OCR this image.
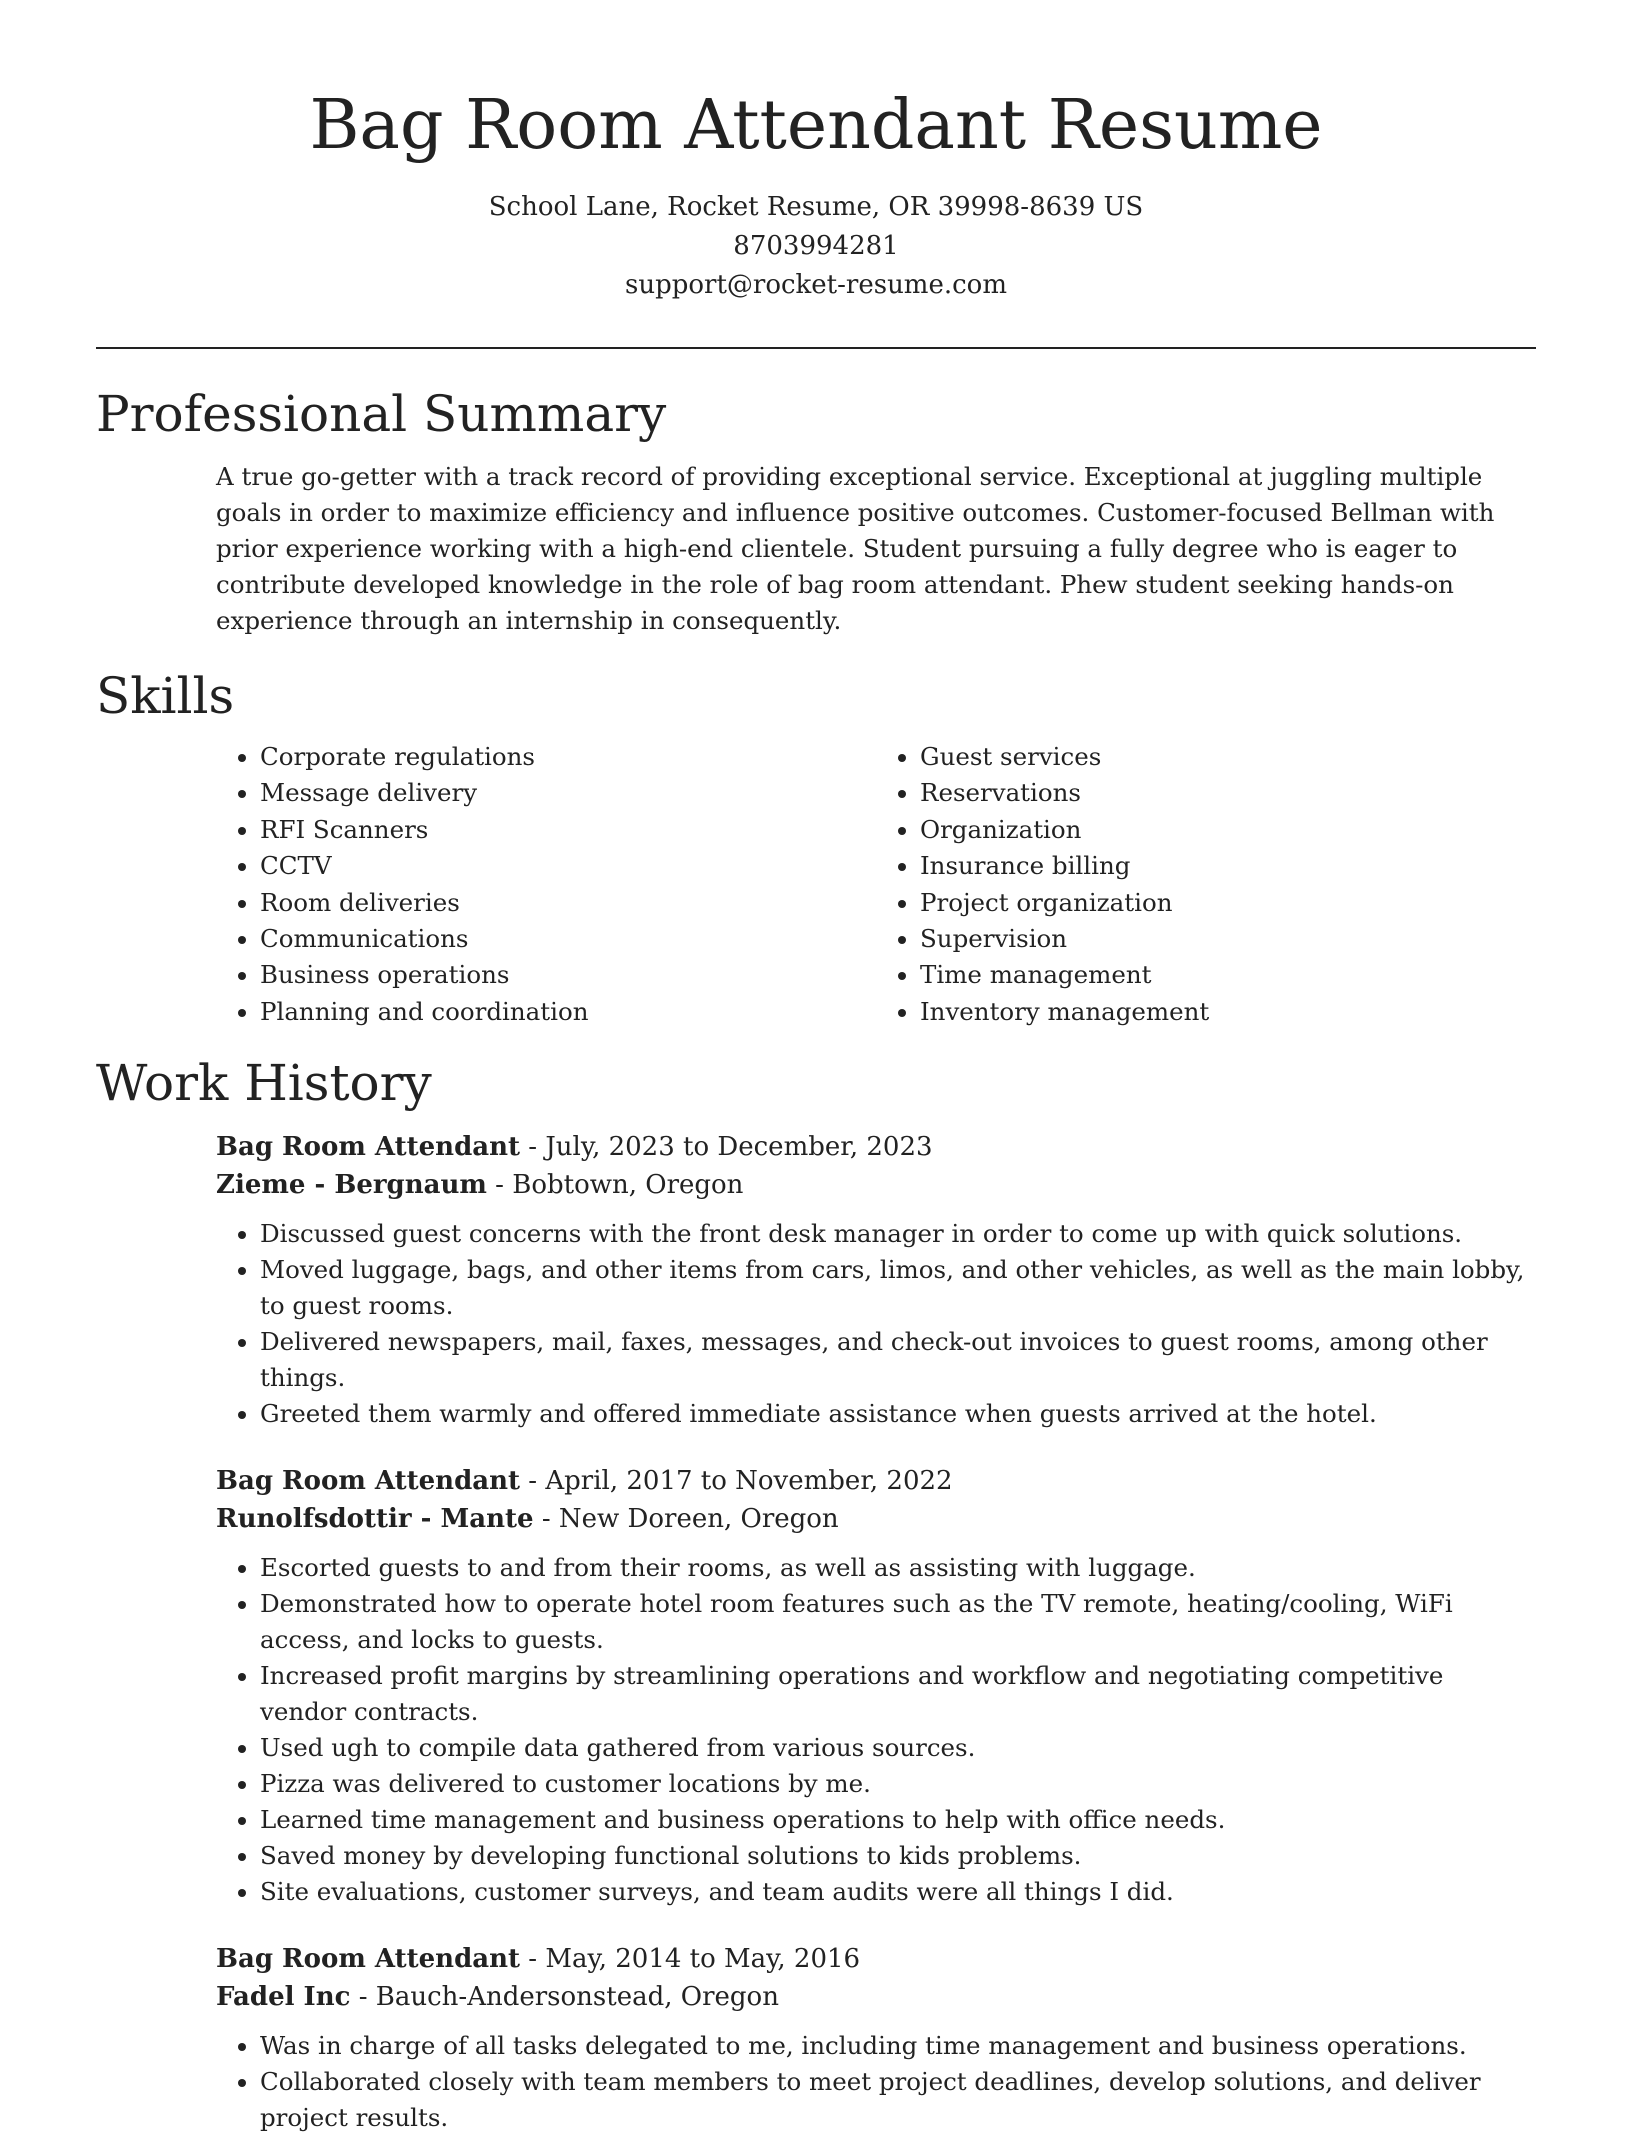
Bag Room Attendant Resume
School Lane, Rocket Resume, OR 39998-8639 US
8703994281
support@rocket-resume.com
Professional Summary

A true go-getter with a track record of providing exceptional service. Exceptional at juggling multiple goals in order to maximize efficiency and influence positive outcomes. Customer-focused Bellman with prior experience working with a high-end clientele. Student pursuing a fully degree who is eager to contribute developed knowledge in the role of bag room attendant. Phew student seeking hands-on experience through an internship in consequently.

Skills
• Corporate regulations
• Message delivery
• RFI Scanners
• CCTV
• Room deliveries
• Communications
• Business operations
• Planning and coordination
• Guest services
• Reservations
• Organization
• Insurance billing
• Project organization
• Supervision
• Time management
• Inventory management
Work History
Bag Room Attendant - July, 2023 to December, 2023
Zieme - Bergnaum - Bobtown, Oregon
• Discussed guest concerns with the front desk manager in order to come up with quick solutions.
• Moved luggage, bags, and other items from cars, limos, and other vehicles, as well as the main lobby, to guest rooms.
• Delivered newspapers, mail, faxes, messages, and check-out invoices to guest rooms, among other things.
• Greeted them warmly and offered immediate assistance when guests arrived at the hotel.
Bag Room Attendant - April, 2017 to November, 2022
Runolfsdottir - Mante - New Doreen, Oregon
• Escorted guests to and from their rooms, as well as assisting with luggage.
• Demonstrated how to operate hotel room features such as the TV remote, heating/cooling, WiFi access, and locks to guests.
• Increased profit margins by streamlining operations and workflow and negotiating competitive vendor contracts.
• Used ugh to compile data gathered from various sources.
• Pizza was delivered to customer locations by me.
• Learned time management and business operations to help with office needs.
• Saved money by developing functional solutions to kids problems.
• Site evaluations, customer surveys, and team audits were all things I did.
Bag Room Attendant - May, 2014 to May, 2016
Fadel Inc - Bauch-Andersonstead, Oregon
• Was in charge of all tasks delegated to me, including time management and business operations.
• Collaborated closely with team members to meet project deadlines, develop solutions, and deliver project results.
